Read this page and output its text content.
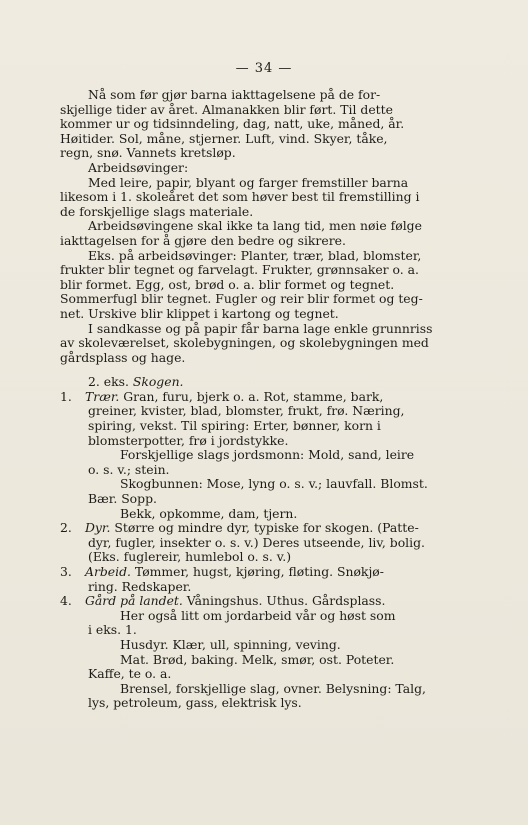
— 34 —
Nå som før gjør barna iakttagelsene på de for-
skjellige tider av året. Almanakken blir ført. Til dette
kommer ur og tidsinndeling, dag, natt, uke, måned, år.
Høitider. Sol, måne, stjerner. Luft, vind. Skyer, tåke,
regn, snø. Vannets kretsløp.
Arbeidsøvinger:
Med leire, papir, blyant og farger fremstiller barna
likesom i 1. skoleåret det som høver best til fremstilling i
de forskjellige slags materiale.
Arbeidsøvingene skal ikke ta lang tid, men nøie følge
iakttagelsen for å gjøre den bedre og sikrere.
Eks. på arbeidsøvinger: Planter, trær, blad, blomster,
frukter blir tegnet og farvelagt. Frukter, grønnsaker o. a.
blir formet. Egg, ost, brød o. a. blir formet og tegnet.
Sommerfugl blir tegnet. Fugler og reir blir formet og teg-
net. Urskive blir klippet i kartong og tegnet.
I sandkasse og på papir får barna lage enkle grunnriss
av skoleværelset, skolebygningen, og skolebygningen med
gårdsplass og hage.
2. eks. Skogen.
1. Trær. Gran, furu, bjerk o. a. Rot, stamme, bark,
greiner, kvister, blad, blomster, frukt, frø. Næring,
spiring, vekst. Til spiring: Erter, bønner, korn i
blomsterpotter, frø i jordstykke.
Forskjellige slags jordsmonn: Mold, sand, leire
o. s. v.; stein.
Skogbunnen: Mose, lyng o. s. v.; lauvfall. Blomst.
Bær. Sopp.
Bekk, opkomme, dam, tjern.
2. Dyr. Større og mindre dyr, typiske for skogen. (Patte-
dyr, fugler, insekter o. s. v.) Deres utseende, liv, bolig.
(Eks. fuglereir, humlebol o. s. v.)
3. Arbeid. Tømmer, hugst, kjøring, fløting. Snøkjø-
ring. Redskaper.
4. Gård på landet. Våningshus. Uthus. Gårdsplass.
Her også litt om jordarbeid vår og høst som
i eks. 1.
Husdyr. Klær, ull, spinning, veving.
Mat. Brød, baking. Melk, smør, ost. Poteter.
Kaffe, te o. a.
Brensel, forskjellige slag, ovner. Belysning: Talg,
lys, petroleum, gass, elektrisk lys.
